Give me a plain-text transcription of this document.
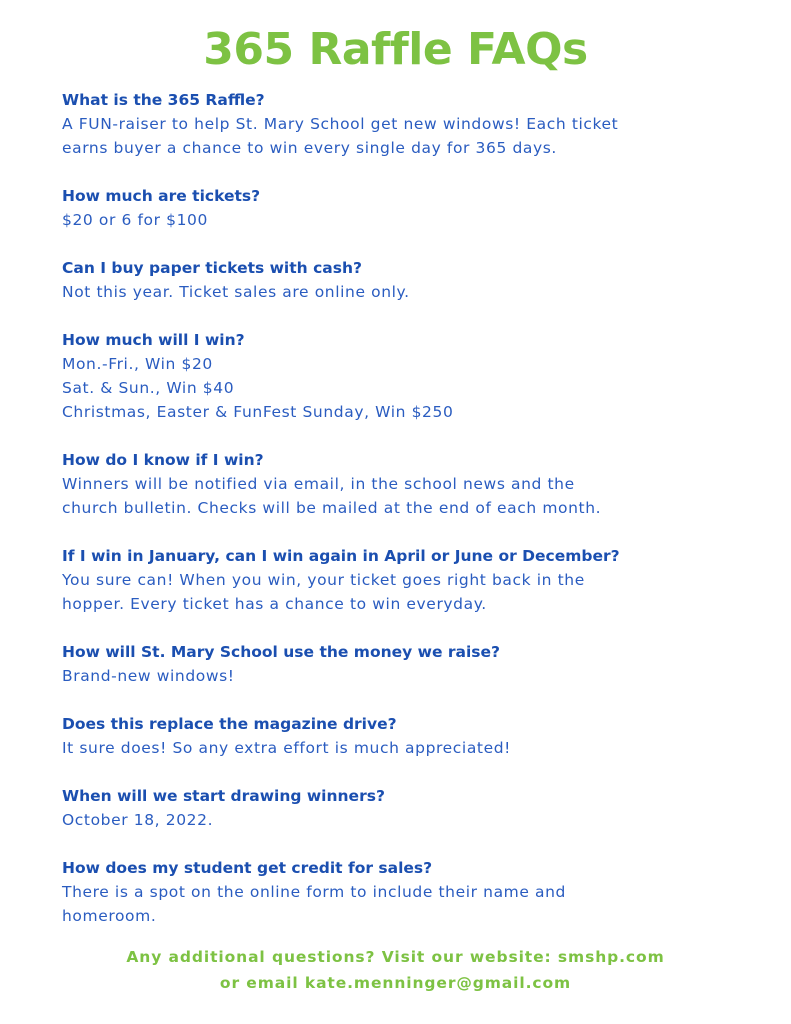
365 Raffle FAQs
What is the 365 Raffle?
A FUN-raiser to help St. Mary School get new windows! Each ticket
earns buyer a chance to win every single day for 365 days.
How much are tickets?
$20 or 6 for $100
Can I buy paper tickets with cash?
Not this year. Ticket sales are online only.
How much will I win?
Mon.-Fri., Win $20
Sat. & Sun., Win $40
Christmas, Easter & FunFest Sunday, Win $250
How do I know if I win?
Winners will be notified via email, in the school news and the
church bulletin. Checks will be mailed at the end of each month.
If I win in January, can I win again in April or June or December?
You sure can! When you win, your ticket goes right back in the
hopper. Every ticket has a chance to win everyday.
How will St. Mary School use the money we raise?
Brand-new windows!
Does this replace the magazine drive?
It sure does! So any extra effort is much appreciated!
When will we start drawing winners?
October 18, 2022.
How does my student get credit for sales?
There is a spot on the online form to include their name and
homeroom.
Any additional questions? Visit our website: smshp.com
or email kate.menninger@gmail.com
